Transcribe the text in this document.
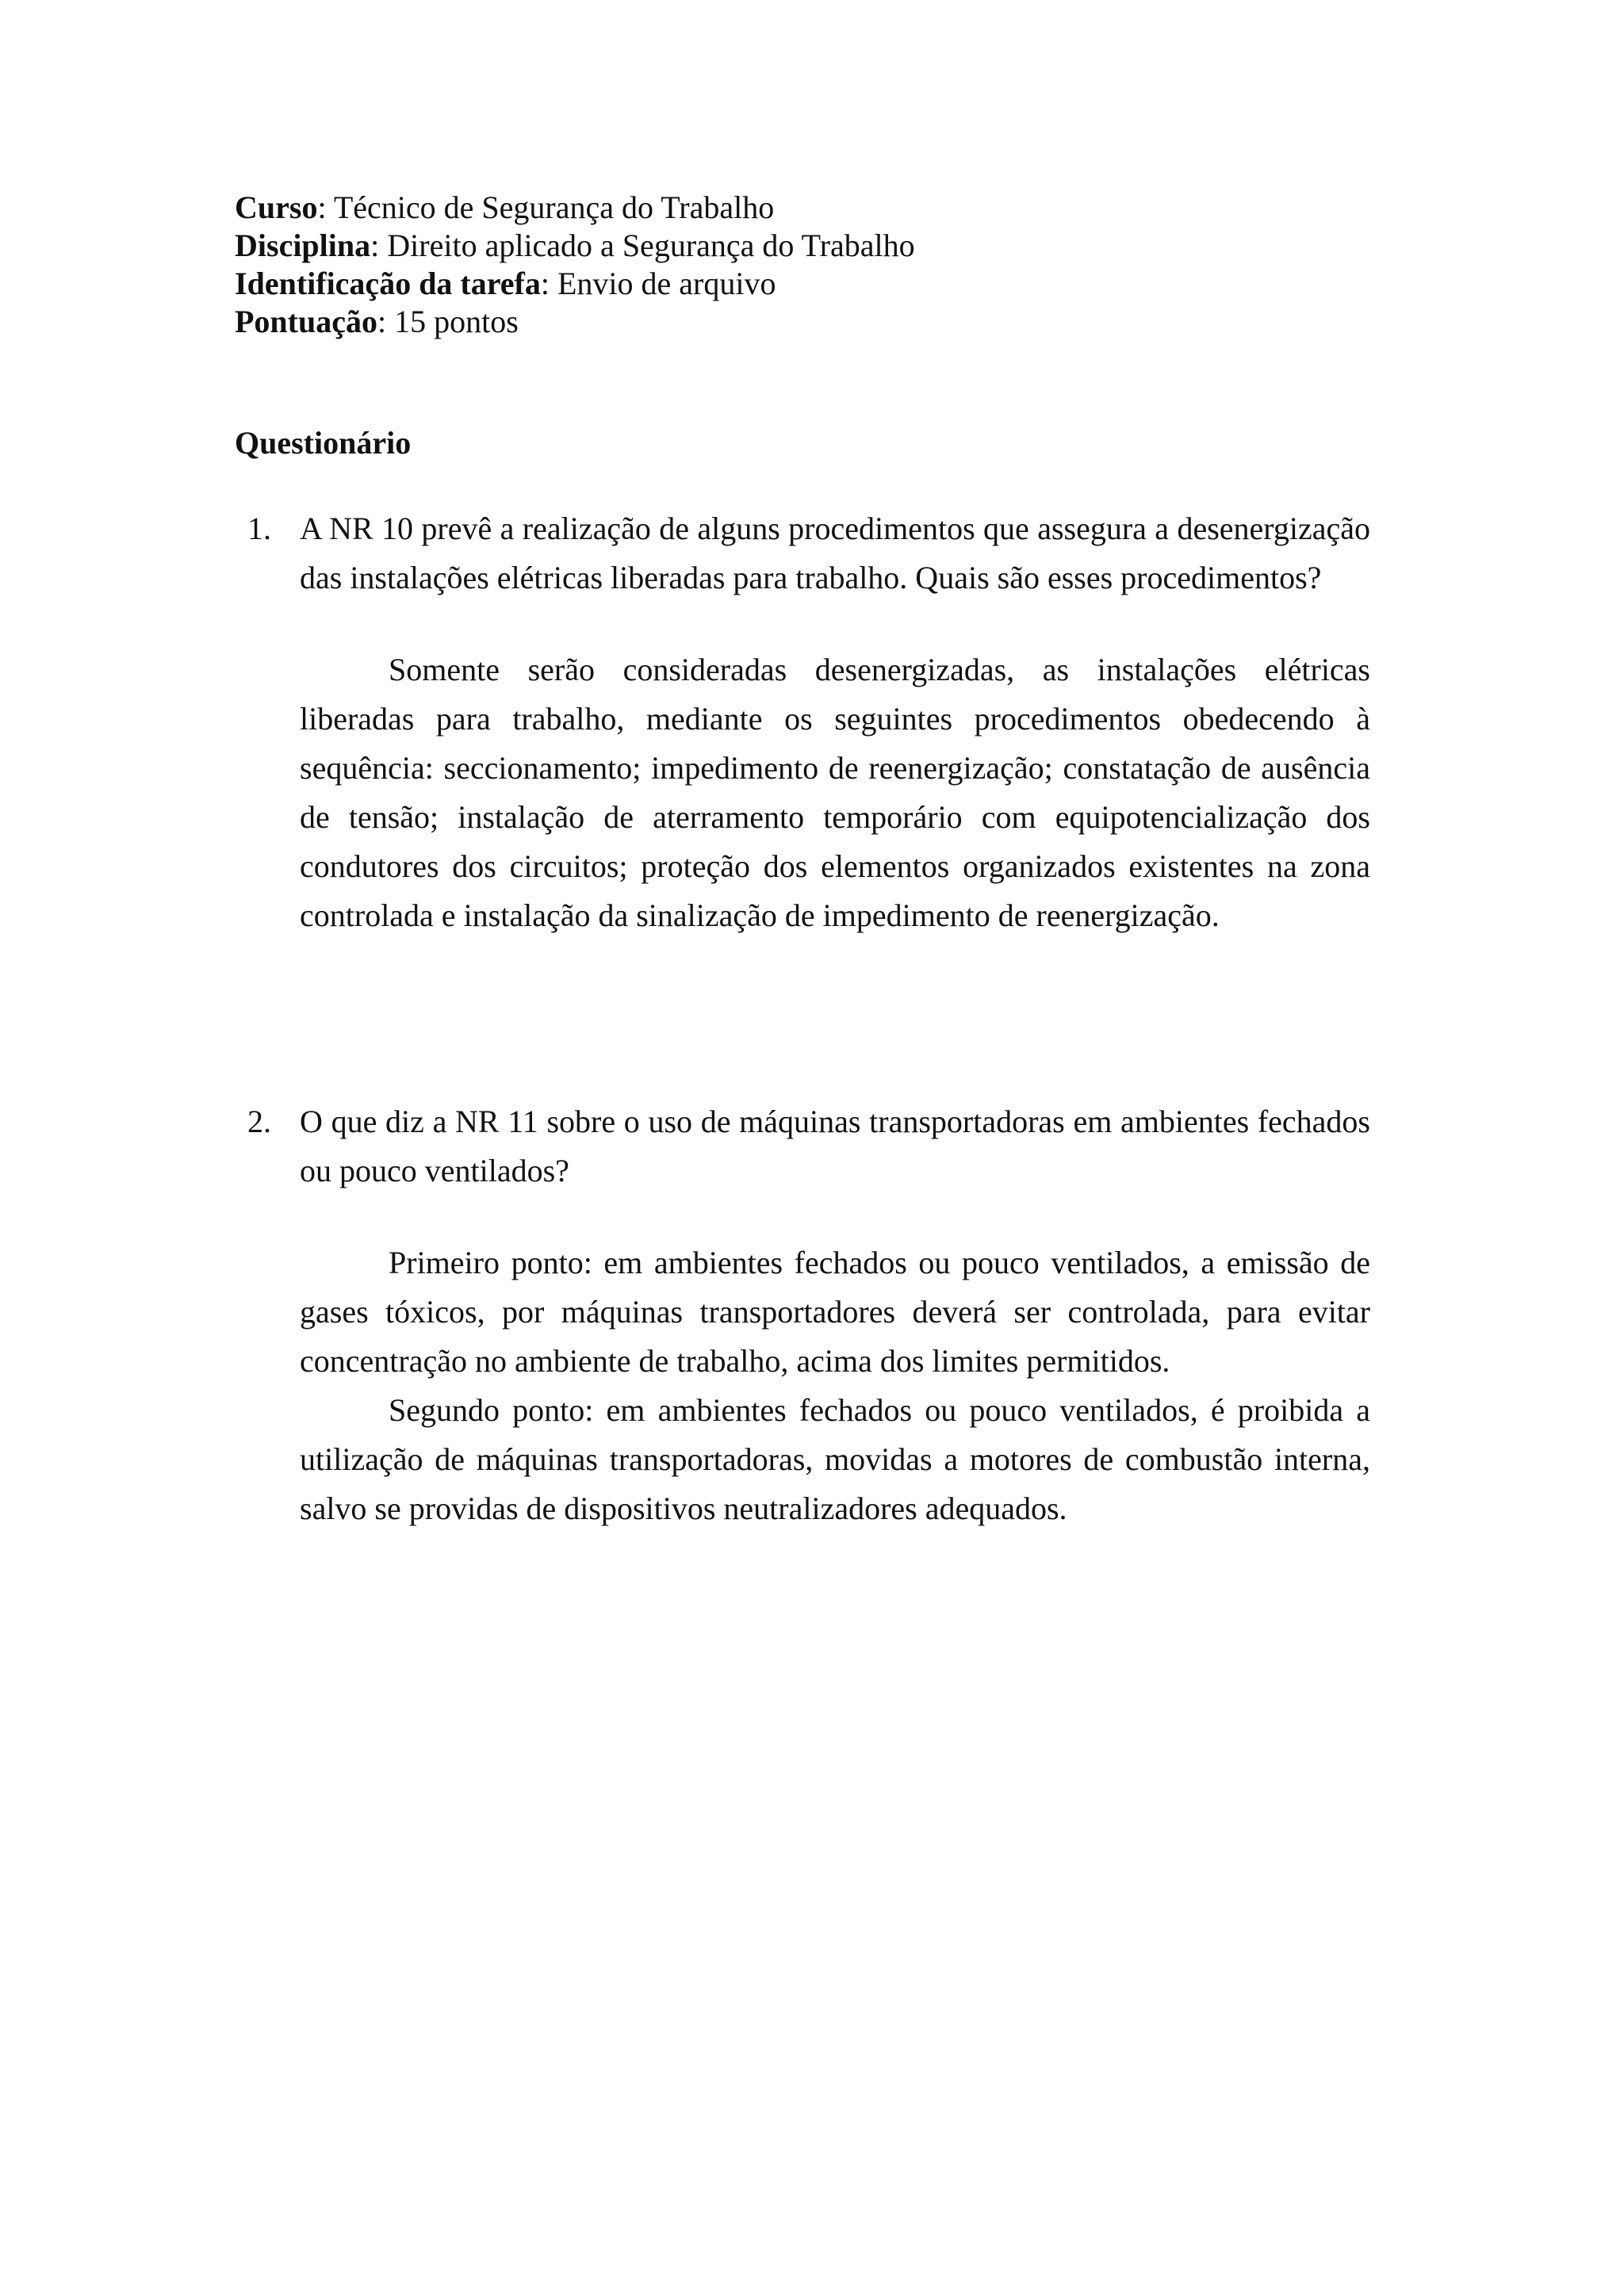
Curso: Técnico de Segurança do Trabalho
Disciplina: Direito aplicado a Segurança do Trabalho
Identificação da tarefa: Envio de arquivo
Pontuação: 15 pontos
Questionário
1. A NR 10 prevê a realização de alguns procedimentos que assegura a desenergização das instalações elétricas liberadas para trabalho. Quais são esses procedimentos?
Somente serão consideradas desenergizadas, as instalações elétricas liberadas para trabalho, mediante os seguintes procedimentos obedecendo à sequência: seccionamento; impedimento de reenergização; constatação de ausência de tensão; instalação de aterramento temporário com equipotencialização dos condutores dos circuitos; proteção dos elementos organizados existentes na zona controlada e instalação da sinalização de impedimento de reenergização.
2. O que diz a NR 11 sobre o uso de máquinas transportadoras em ambientes fechados ou pouco ventilados?
Primeiro ponto: em ambientes fechados ou pouco ventilados, a emissão de gases tóxicos, por máquinas transportadores deverá ser controlada, para evitar concentração no ambiente de trabalho, acima dos limites permitidos.
Segundo ponto: em ambientes fechados ou pouco ventilados, é proibida a utilização de máquinas transportadoras, movidas a motores de combustão interna, salvo se providas de dispositivos neutralizadores adequados.
